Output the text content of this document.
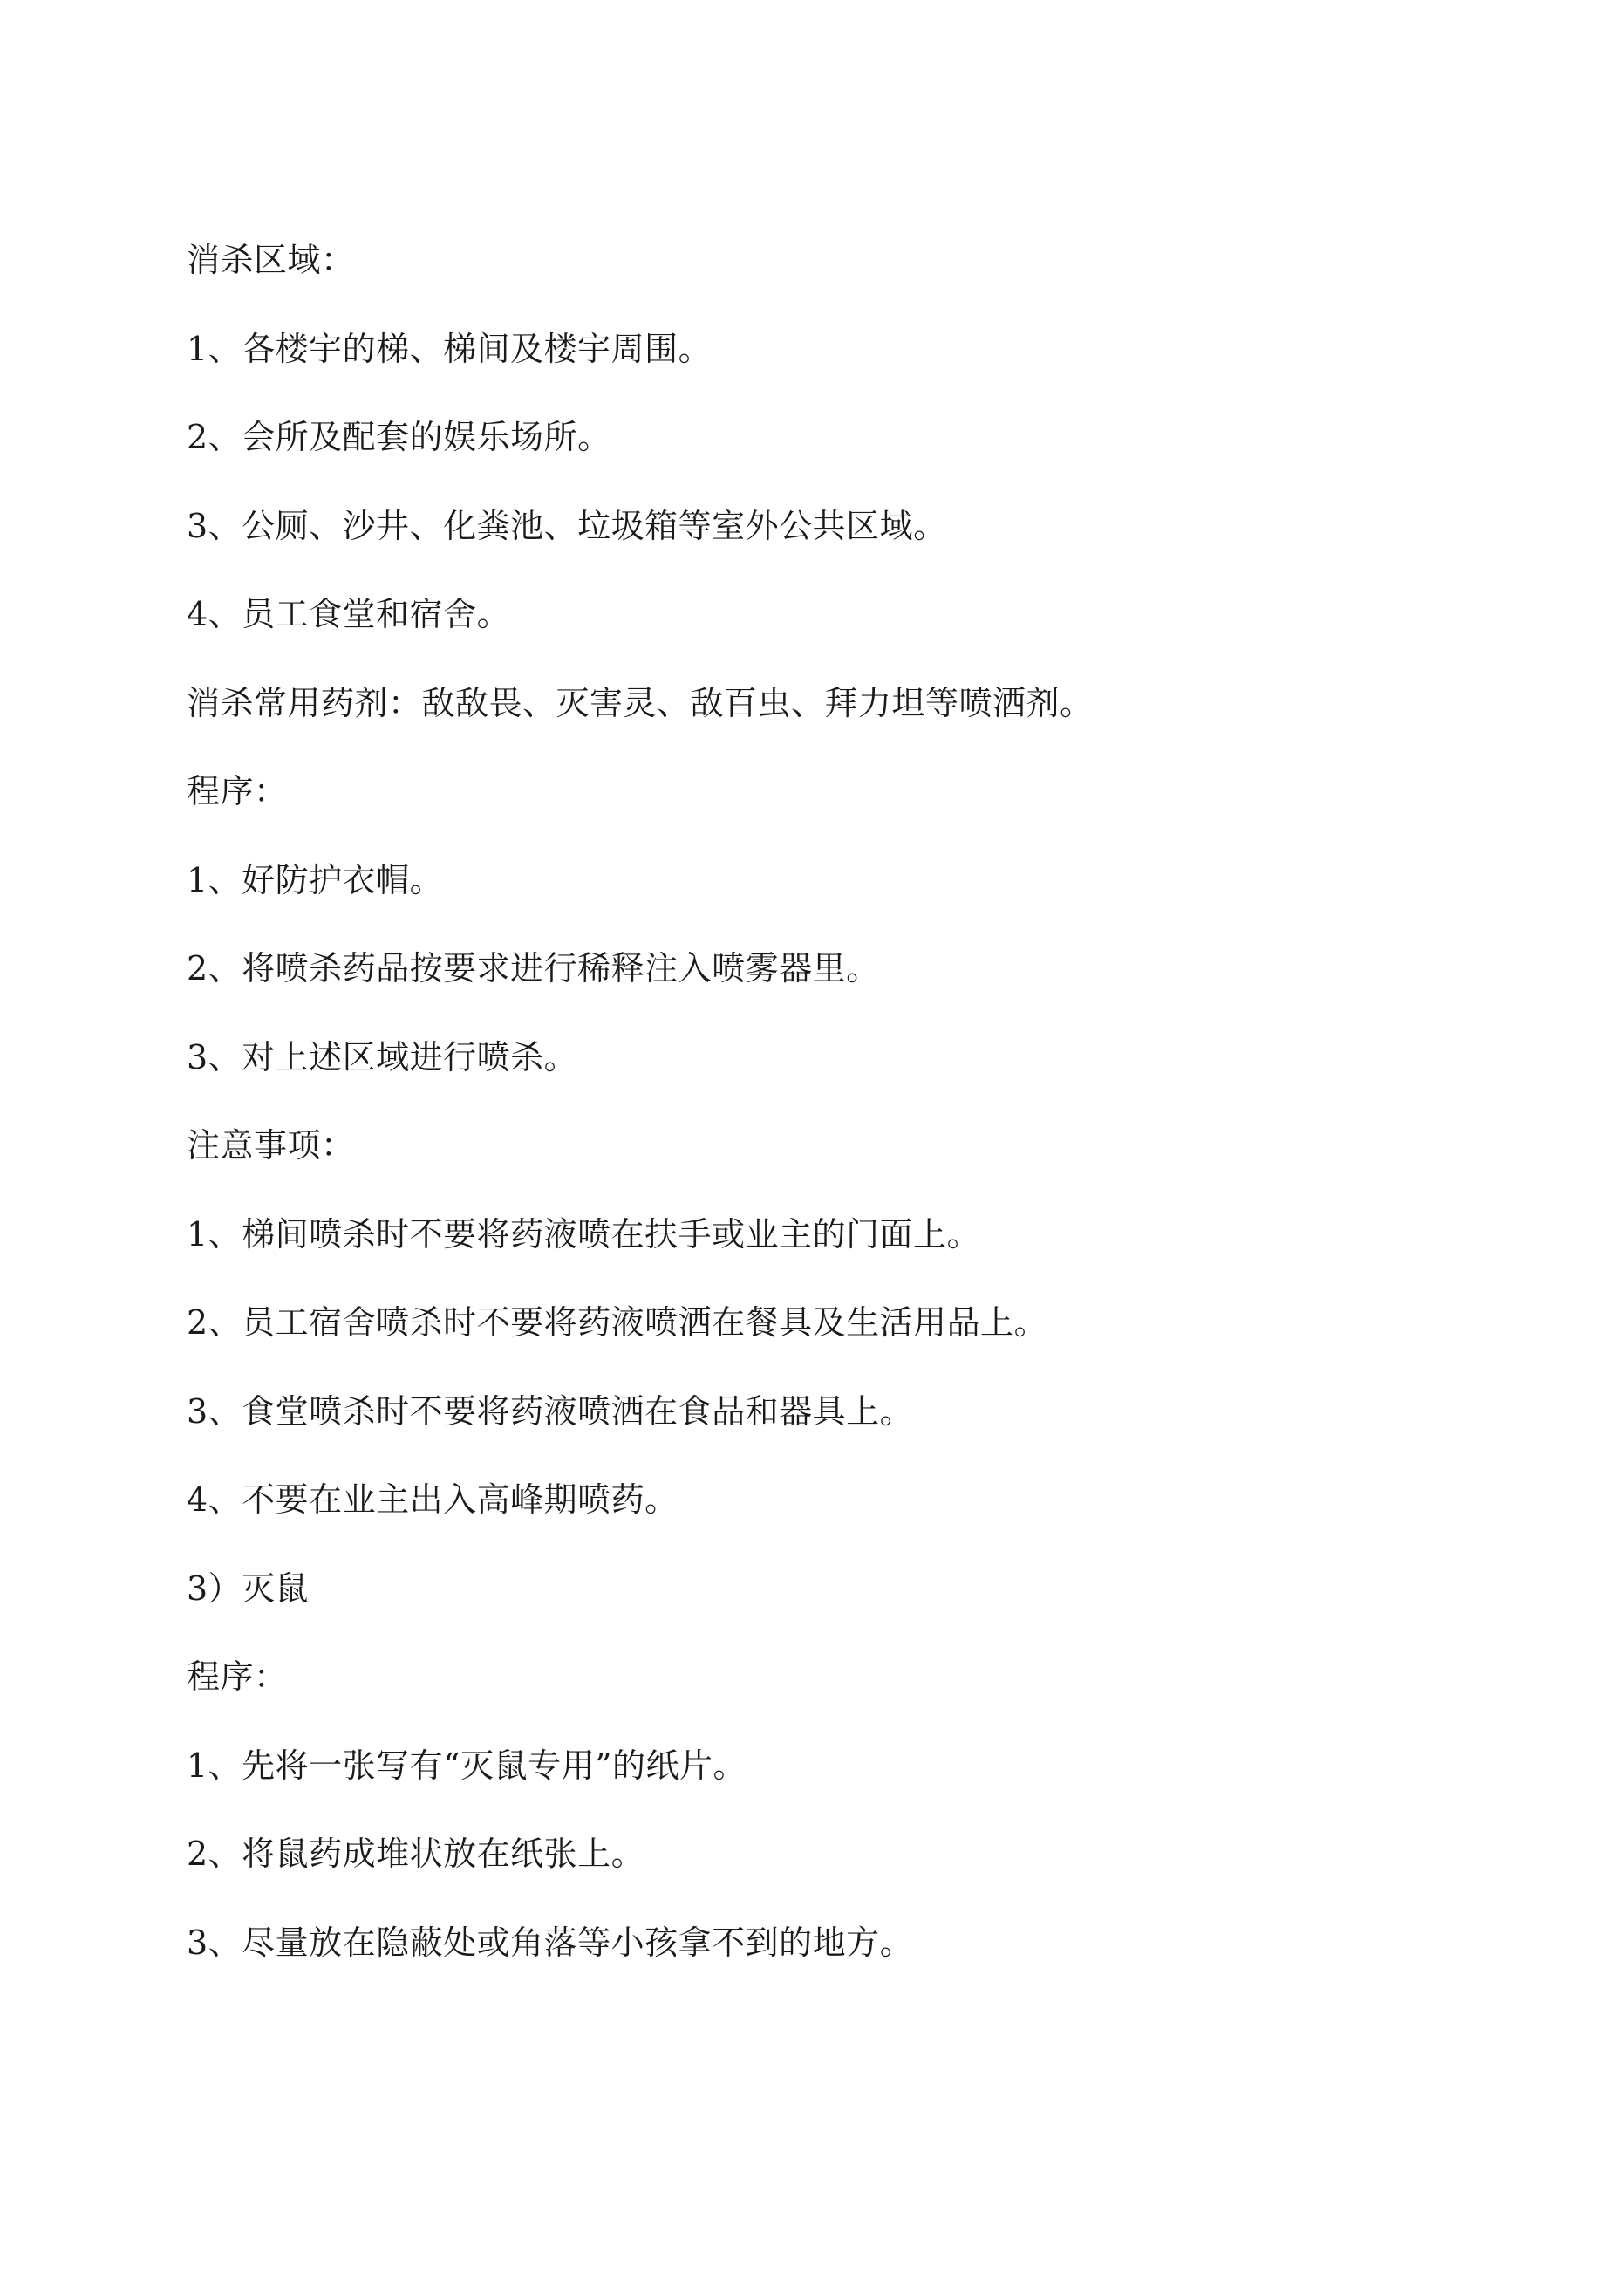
消杀区域：
1、各楼宇的梯、梯间及楼宇周围。
2、会所及配套的娱乐场所。
3、公厕、沙井、化粪池、垃圾箱等室外公共区域。
4、员工食堂和宿舍。
消杀常用药剂：敌敌畏、灭害灵、敌百虫、拜力坦等喷洒剂。
程序：
1、好防护衣帽。
2、将喷杀药品按要求进行稀释注入喷雾器里。
3、对上述区域进行喷杀。
注意事项：
1、梯间喷杀时不要将药液喷在扶手或业主的门面上。
2、员工宿舍喷杀时不要将药液喷洒在餐具及生活用品上。
3、食堂喷杀时不要将药液喷洒在食品和器具上。
4、不要在业主出入高峰期喷药。
3）灭鼠
程序：
1、先将一张写有“灭鼠专用”的纸片。
2、将鼠药成堆状放在纸张上。
3、尽量放在隐蔽处或角落等小孩拿不到的地方。
